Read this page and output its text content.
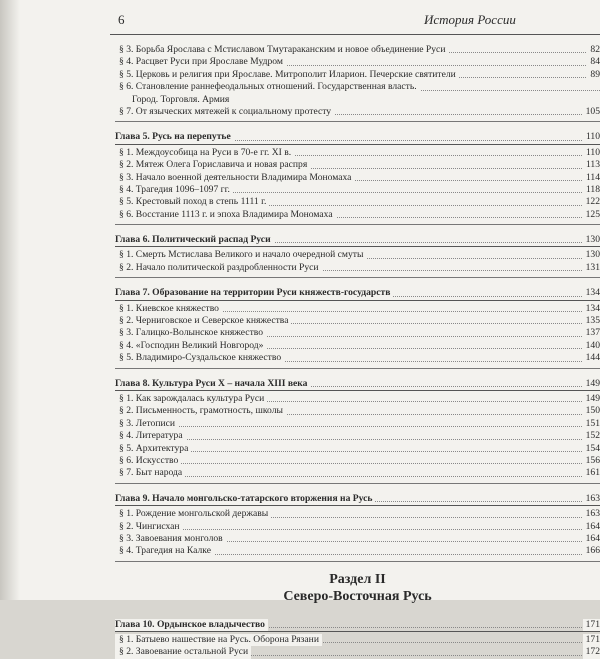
6	История России
§ 3. Борьба Ярослава с Мстиславом Тмутараканским и новое объединение Руси	82
§ 4. Расцвет Руси при Ярославе Мудром	84
§ 5. Церковь и религия при Ярославе. Митрополит Иларион. Печерские святители	89
§ 6. Становление раннефеодальных отношений. Государственная власть.
Город. Торговля. Армия
§ 7. От языческих мятежей к социальному протесту	105
Глава 5. Русь на перепутье	110
§ 1. Междоусобица на Руси в 70-е гг. XI в.	110
§ 2. Мятеж Олега Гориславича и новая распря	113
§ 3. Начало военной деятельности Владимира Мономаха	114
§ 4. Трагедия 1096–1097 гг.	118
§ 5. Крестовый поход в степь 1111 г.	122
§ 6. Восстание 1113 г. и эпоха Владимира Мономаха	125
Глава 6. Политический распад Руси	130
§ 1. Смерть Мстислава Великого и начало очередной смуты	130
§ 2. Начало политической раздробленности Руси	131
Глава 7. Образование на территории Руси княжеств-государств	134
§ 1. Киевское княжество	134
§ 2. Черниговское и Северское княжества	135
§ 3. Галицко-Волынское княжество	137
§ 4. «Господин Великий Новгород»	140
§ 5. Владимиро-Суздальское княжество	144
Глава 8. Культура Руси X – начала XIII века	149
§ 1. Как зарождалась культура Руси	149
§ 2. Письменность, грамотность, школы	150
§ 3. Летописи	151
§ 4. Литература	152
§ 5. Архитектура	154
§ 6. Искусство	156
§ 7. Быт народа	161
Глава 9. Начало монгольско-татарского вторжения на Русь	163
§ 1. Рождение монгольской державы	163
§ 2. Чингисхан	164
§ 3. Завоевания монголов	164
§ 4. Трагедия на Калке	166
Раздел II
Северо-Восточная Русь
Глава 10. Ордынское владычество	171
§ 1. Батыево нашествие на Русь. Оборона Рязани	171
§ 2. Завоевание остальной Руси	172
